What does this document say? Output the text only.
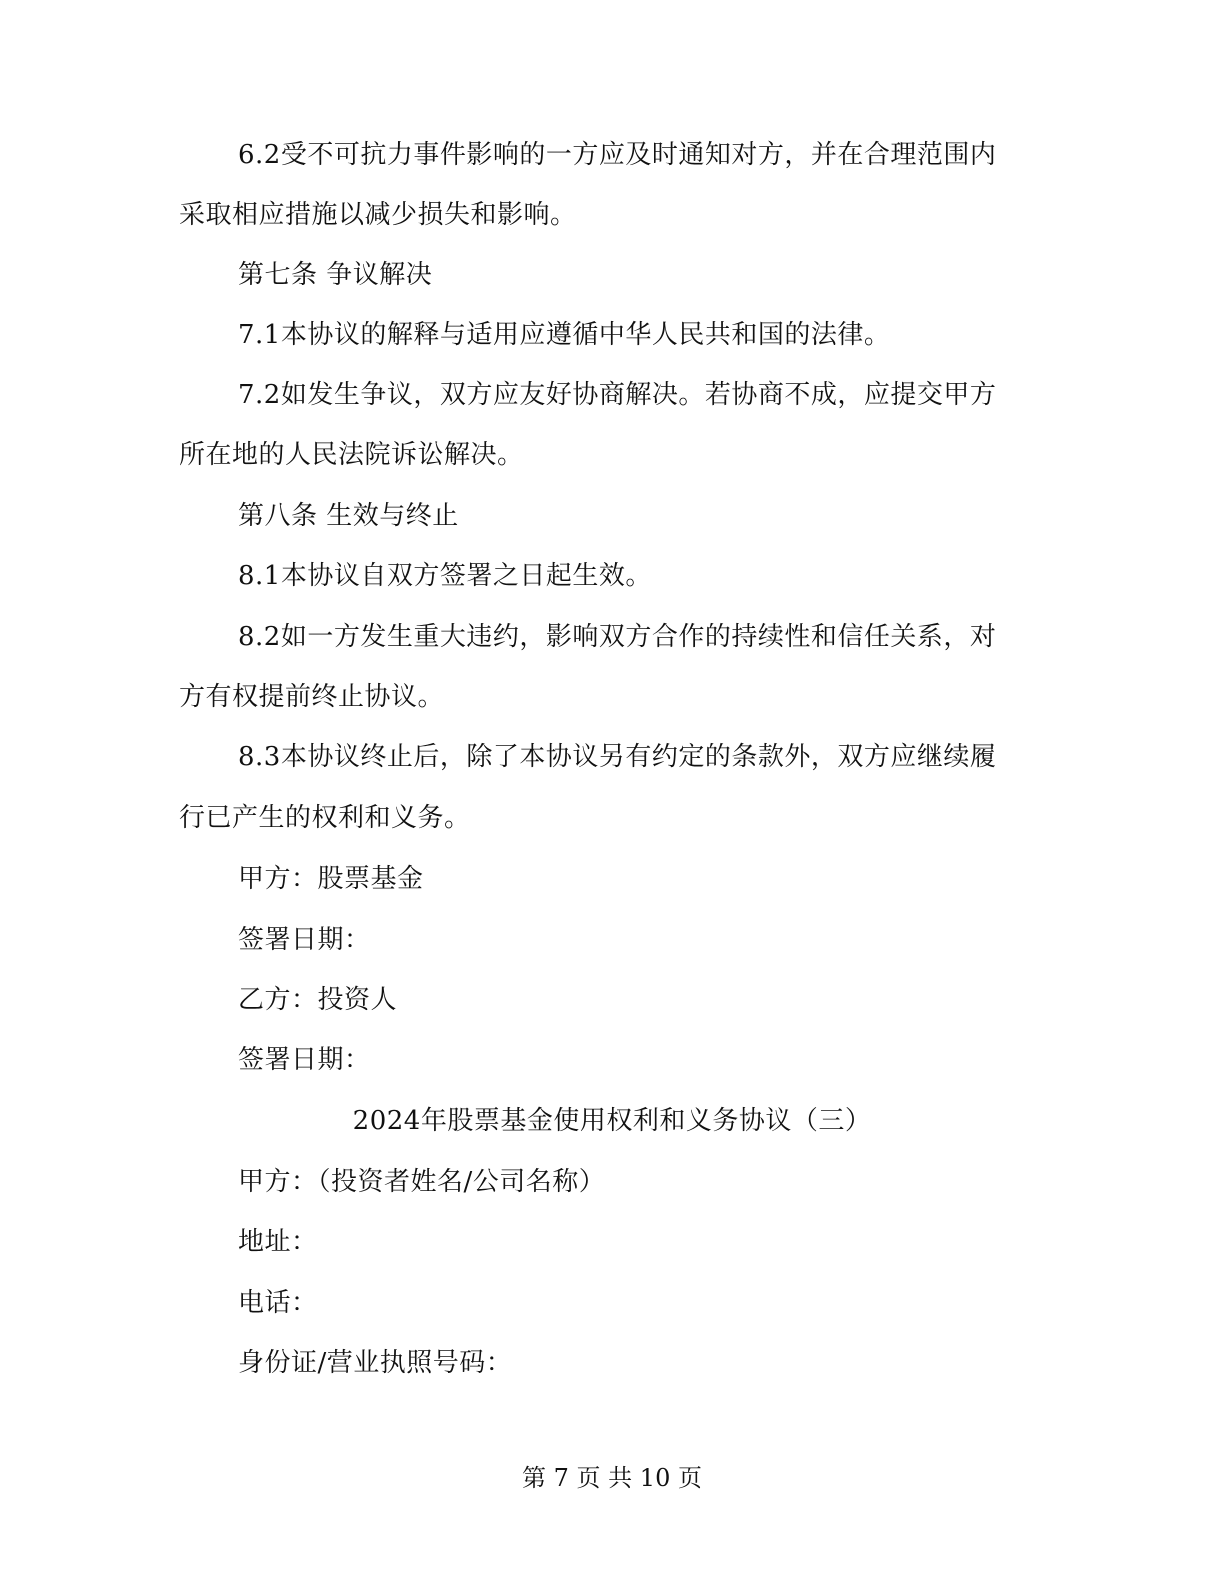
6.2受不可抗力事件影响的一方应及时通知对方，并在合理范围内
采取相应措施以减少损失和影响。
第七条 争议解决
7.1本协议的解释与适用应遵循中华人民共和国的法律。
7.2如发生争议，双方应友好协商解决。若协商不成，应提交甲方
所在地的人民法院诉讼解决。
第八条 生效与终止
8.1本协议自双方签署之日起生效。
8.2如一方发生重大违约，影响双方合作的持续性和信任关系，对
方有权提前终止协议。
8.3本协议终止后，除了本协议另有约定的条款外，双方应继续履
行已产生的权利和义务。
甲方：股票基金
签署日期：
乙方：投资人
签署日期：
2024年股票基金使用权利和义务协议（三）
甲方：（投资者姓名/公司名称）
地址：
电话：
身份证/营业执照号码：
第 7 页 共 10 页
